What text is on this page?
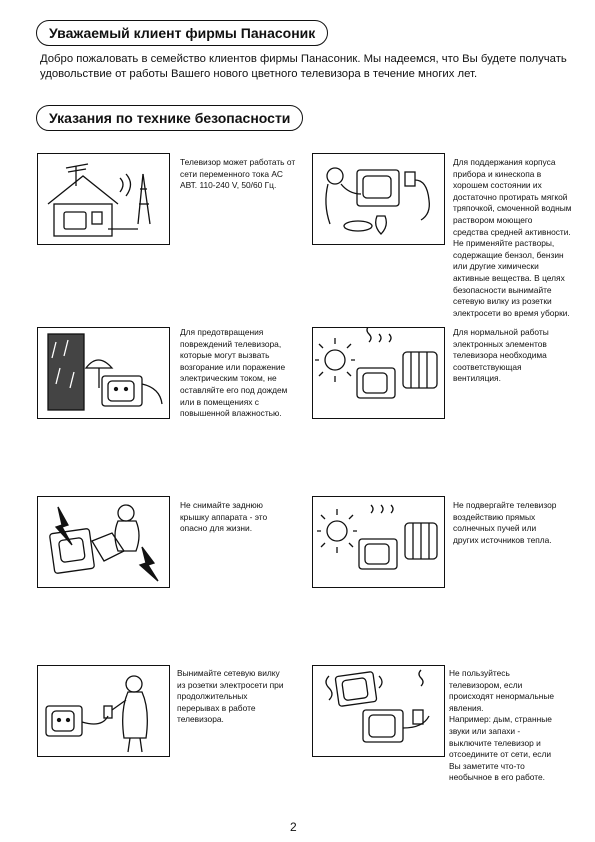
Уважаемый клиент фирмы Панасоник
Добро пожаловать в семейство клиентов фирмы Панасоник. Мы надеемся, что Вы будете получать удовольствие от работы Вашего нового цветного телевизора в течение многих лет.
Указания по технике безопасности
Телевизор может работать от
сети переменного тока AC
АВТ. 110-240 V, 50/60 Гц.
Для поддержания корпуса
прибора и кинескопа в
хорошем состоянии их
достаточно протирать мягкой
тряпочкой, смоченной водным
раствором моющего
средства средней активности.
Не применяйте растворы,
содержащие бензол, бензин
или другие химически
активные вещества. В целях
безопасности вынимайте
сетевую вилку из розетки
электросети во время уборки.
Для предотвращения
повреждений телевизора,
которые могут вызвать
возгорание или поражение
электрическим током, не
оставляйте его под дождем
или в помещениях с
повышенной влажностью.
Для нормальной работы
электронных элементов
телевизора необходима
соответствующая
вентиляция.
Не снимайте заднюю
крышку аппарата - это
опасно для жизни.
Не подвергайте телевизор
воздействию прямых
солнечных пучей или
других источников тепла.
Вынимайте сетевую вилку
из розетки электросети при
продолжительных
перерывах в работе
телевизора.
Не пользуйтесь
телевизором, если
происходят ненормальные
явления.
Например: дым, странные
звуки или запахи -
выключите телевизор и
отсоедините от сети, если
Вы заметите что-то
необычное в его работе.
2
